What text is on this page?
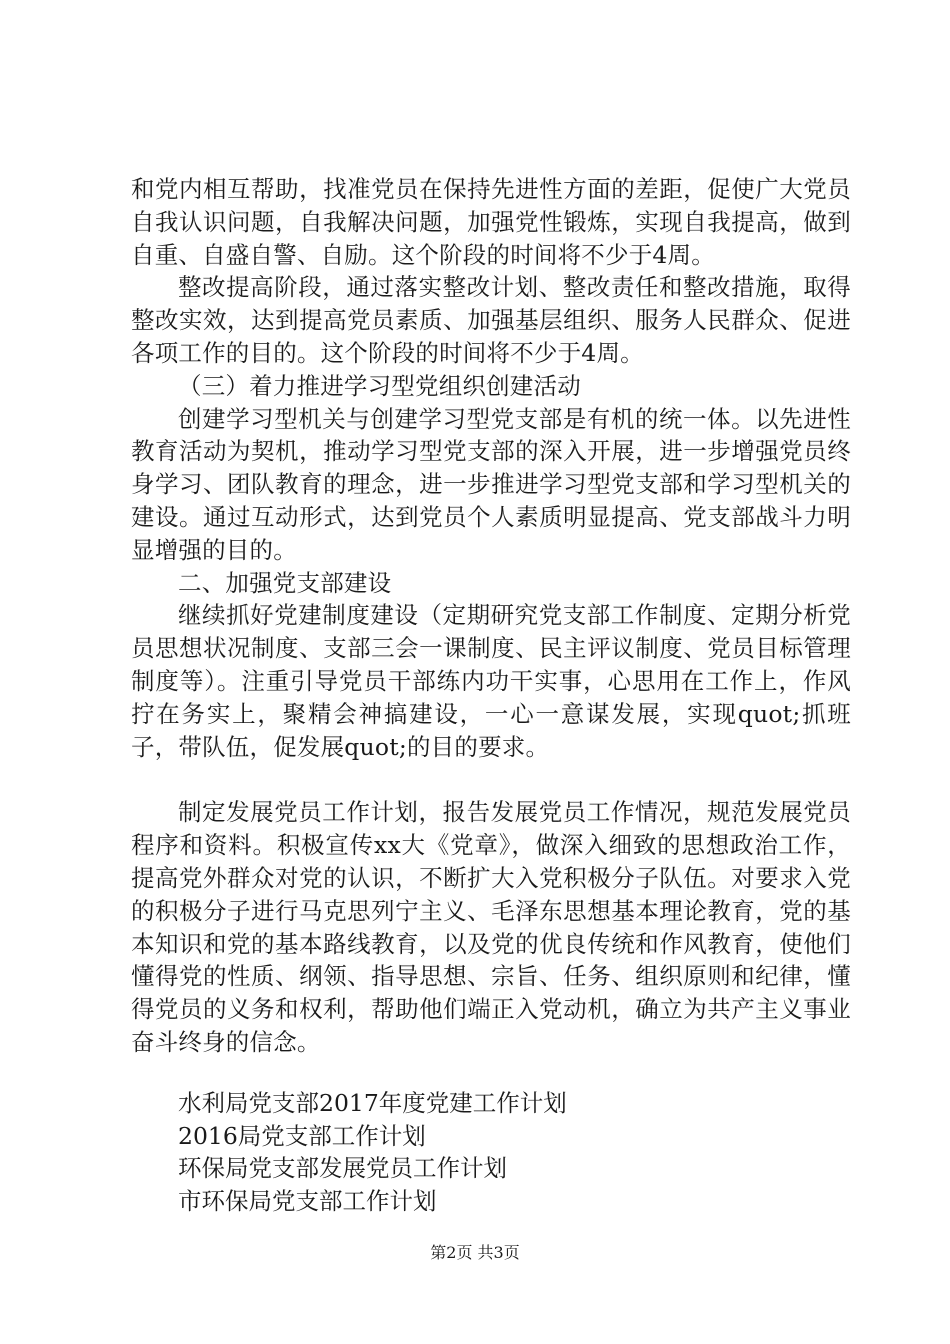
和党内相互帮助，找准党员在保持先进性方面的差距，促使广大党员自我认识问题，自我解决问题，加强党性锻炼，实现自我提高，做到自重、自盛自警、自励。这个阶段的时间将不少于4周。

整改提高阶段，通过落实整改计划、整改责任和整改措施，取得整改实效，达到提高党员素质、加强基层组织、服务人民群众、促进各项工作的目的。这个阶段的时间将不少于4周。

（三）着力推进学习型党组织创建活动

创建学习型机关与创建学习型党支部是有机的统一体。以先进性教育活动为契机，推动学习型党支部的深入开展，进一步增强党员终身学习、团队教育的理念，进一步推进学习型党支部和学习型机关的建设。通过互动形式，达到党员个人素质明显提高、党支部战斗力明显增强的目的。

二、加强党支部建设

继续抓好党建制度建设（定期研究党支部工作制度、定期分析党员思想状况制度、支部三会一课制度、民主评议制度、党员目标管理制度等）。注重引导党员干部练内功干实事，心思用在工作上，作风拧在务实上，聚精会神搞建设，一心一意谋发展，实现quot;抓班子，带队伍，促发展quot;的目的要求。

制定发展党员工作计划，报告发展党员工作情况，规范发展党员程序和资料。积极宣传xx大《党章》，做深入细致的思想政治工作，提高党外群众对党的认识，不断扩大入党积极分子队伍。对要求入党的积极分子进行马克思列宁主义、毛泽东思想基本理论教育，党的基本知识和党的基本路线教育，以及党的优良传统和作风教育，使他们懂得党的性质、纲领、指导思想、宗旨、任务、组织原则和纪律，懂得党员的义务和权利，帮助他们端正入党动机，确立为共产主义事业奋斗终身的信念。

水利局党支部2017年度党建工作计划
2016局党支部工作计划
环保局党支部发展党员工作计划
市环保局党支部工作计划
第2页 共3页
